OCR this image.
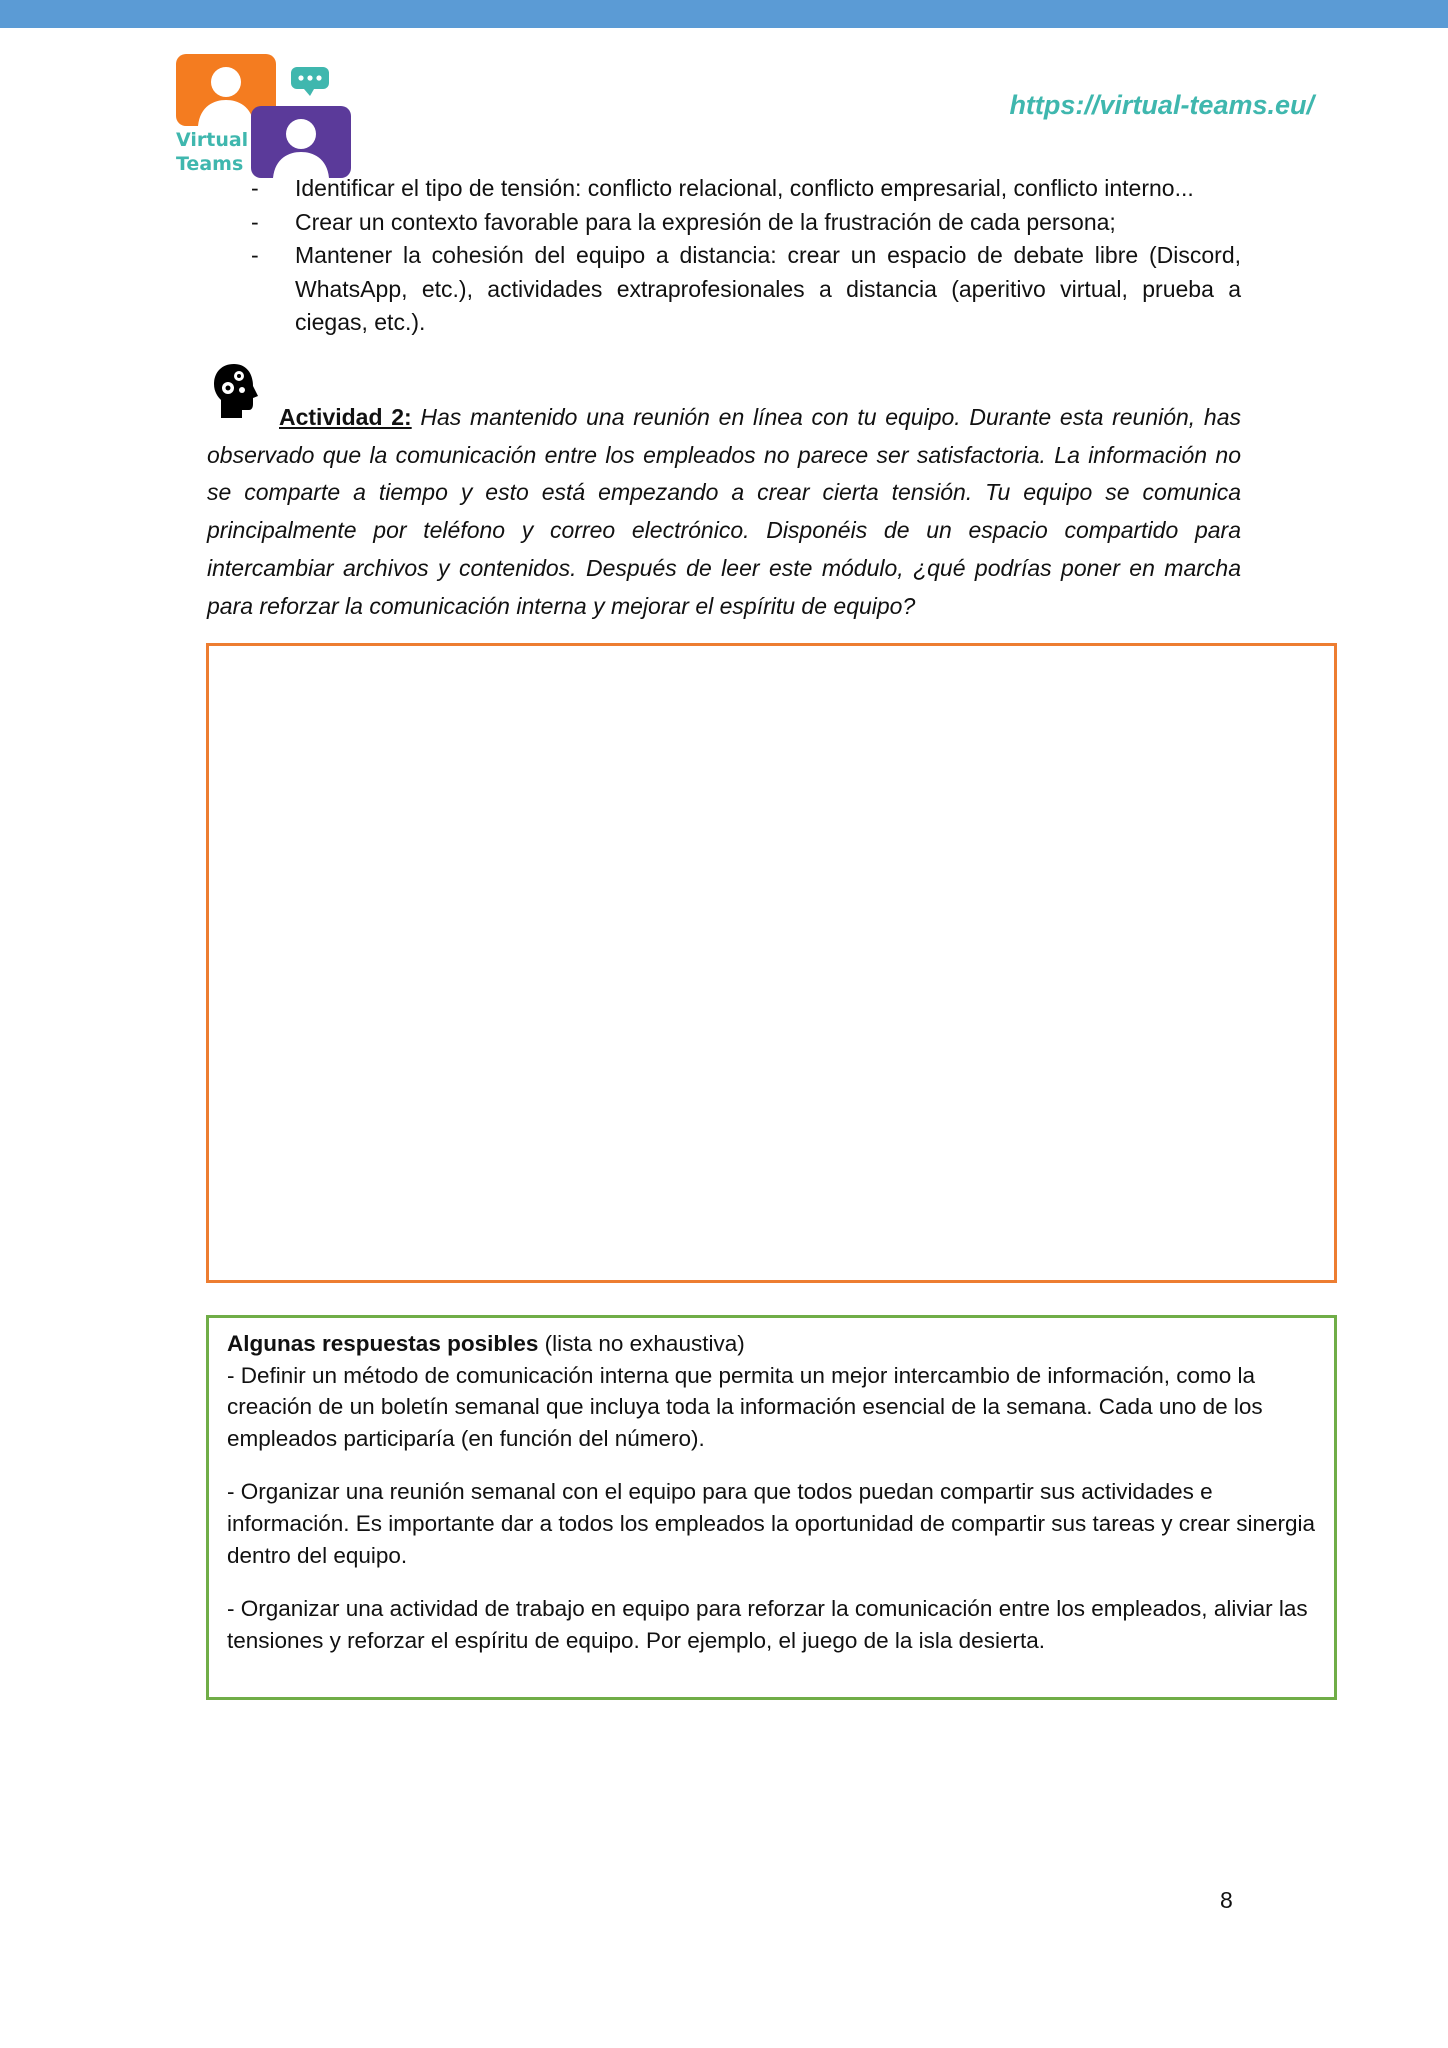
Virtual
Teams
https://virtual-teams.eu/
- Identificar el tipo de tensión: conflicto relacional, conflicto empresarial, conflicto interno...
- Crear un contexto favorable para la expresión de la frustración de cada persona;
- Mantener la cohesión del equipo a distancia: crear un espacio de debate libre (Discord, WhatsApp, etc.), actividades extraprofesionales a distancia (aperitivo virtual, prueba a ciegas, etc.).

Actividad 2: Has mantenido una reunión en línea con tu equipo. Durante esta reunión, has observado que la comunicación entre los empleados no parece ser satisfactoria. La información no se comparte a tiempo y esto está empezando a crear cierta tensión. Tu equipo se comunica principalmente por teléfono y correo electrónico. Disponéis de un espacio compartido para intercambiar archivos y contenidos. Después de leer este módulo, ¿qué podrías poner en marcha para reforzar la comunicación interna y mejorar el espíritu de equipo?

Algunas respuestas posibles (lista no exhaustiva)

- Definir un método de comunicación interna que permita un mejor intercambio de información, como la creación de un boletín semanal que incluya toda la información esencial de la semana. Cada uno de los empleados participaría (en función del número).

- Organizar una reunión semanal con el equipo para que todos puedan compartir sus actividades e información. Es importante dar a todos los empleados la oportunidad de compartir sus tareas y crear sinergia dentro del equipo.

- Organizar una actividad de trabajo en equipo para reforzar la comunicación entre los empleados, aliviar las tensiones y reforzar el espíritu de equipo. Por ejemplo, el juego de la isla desierta.

8
